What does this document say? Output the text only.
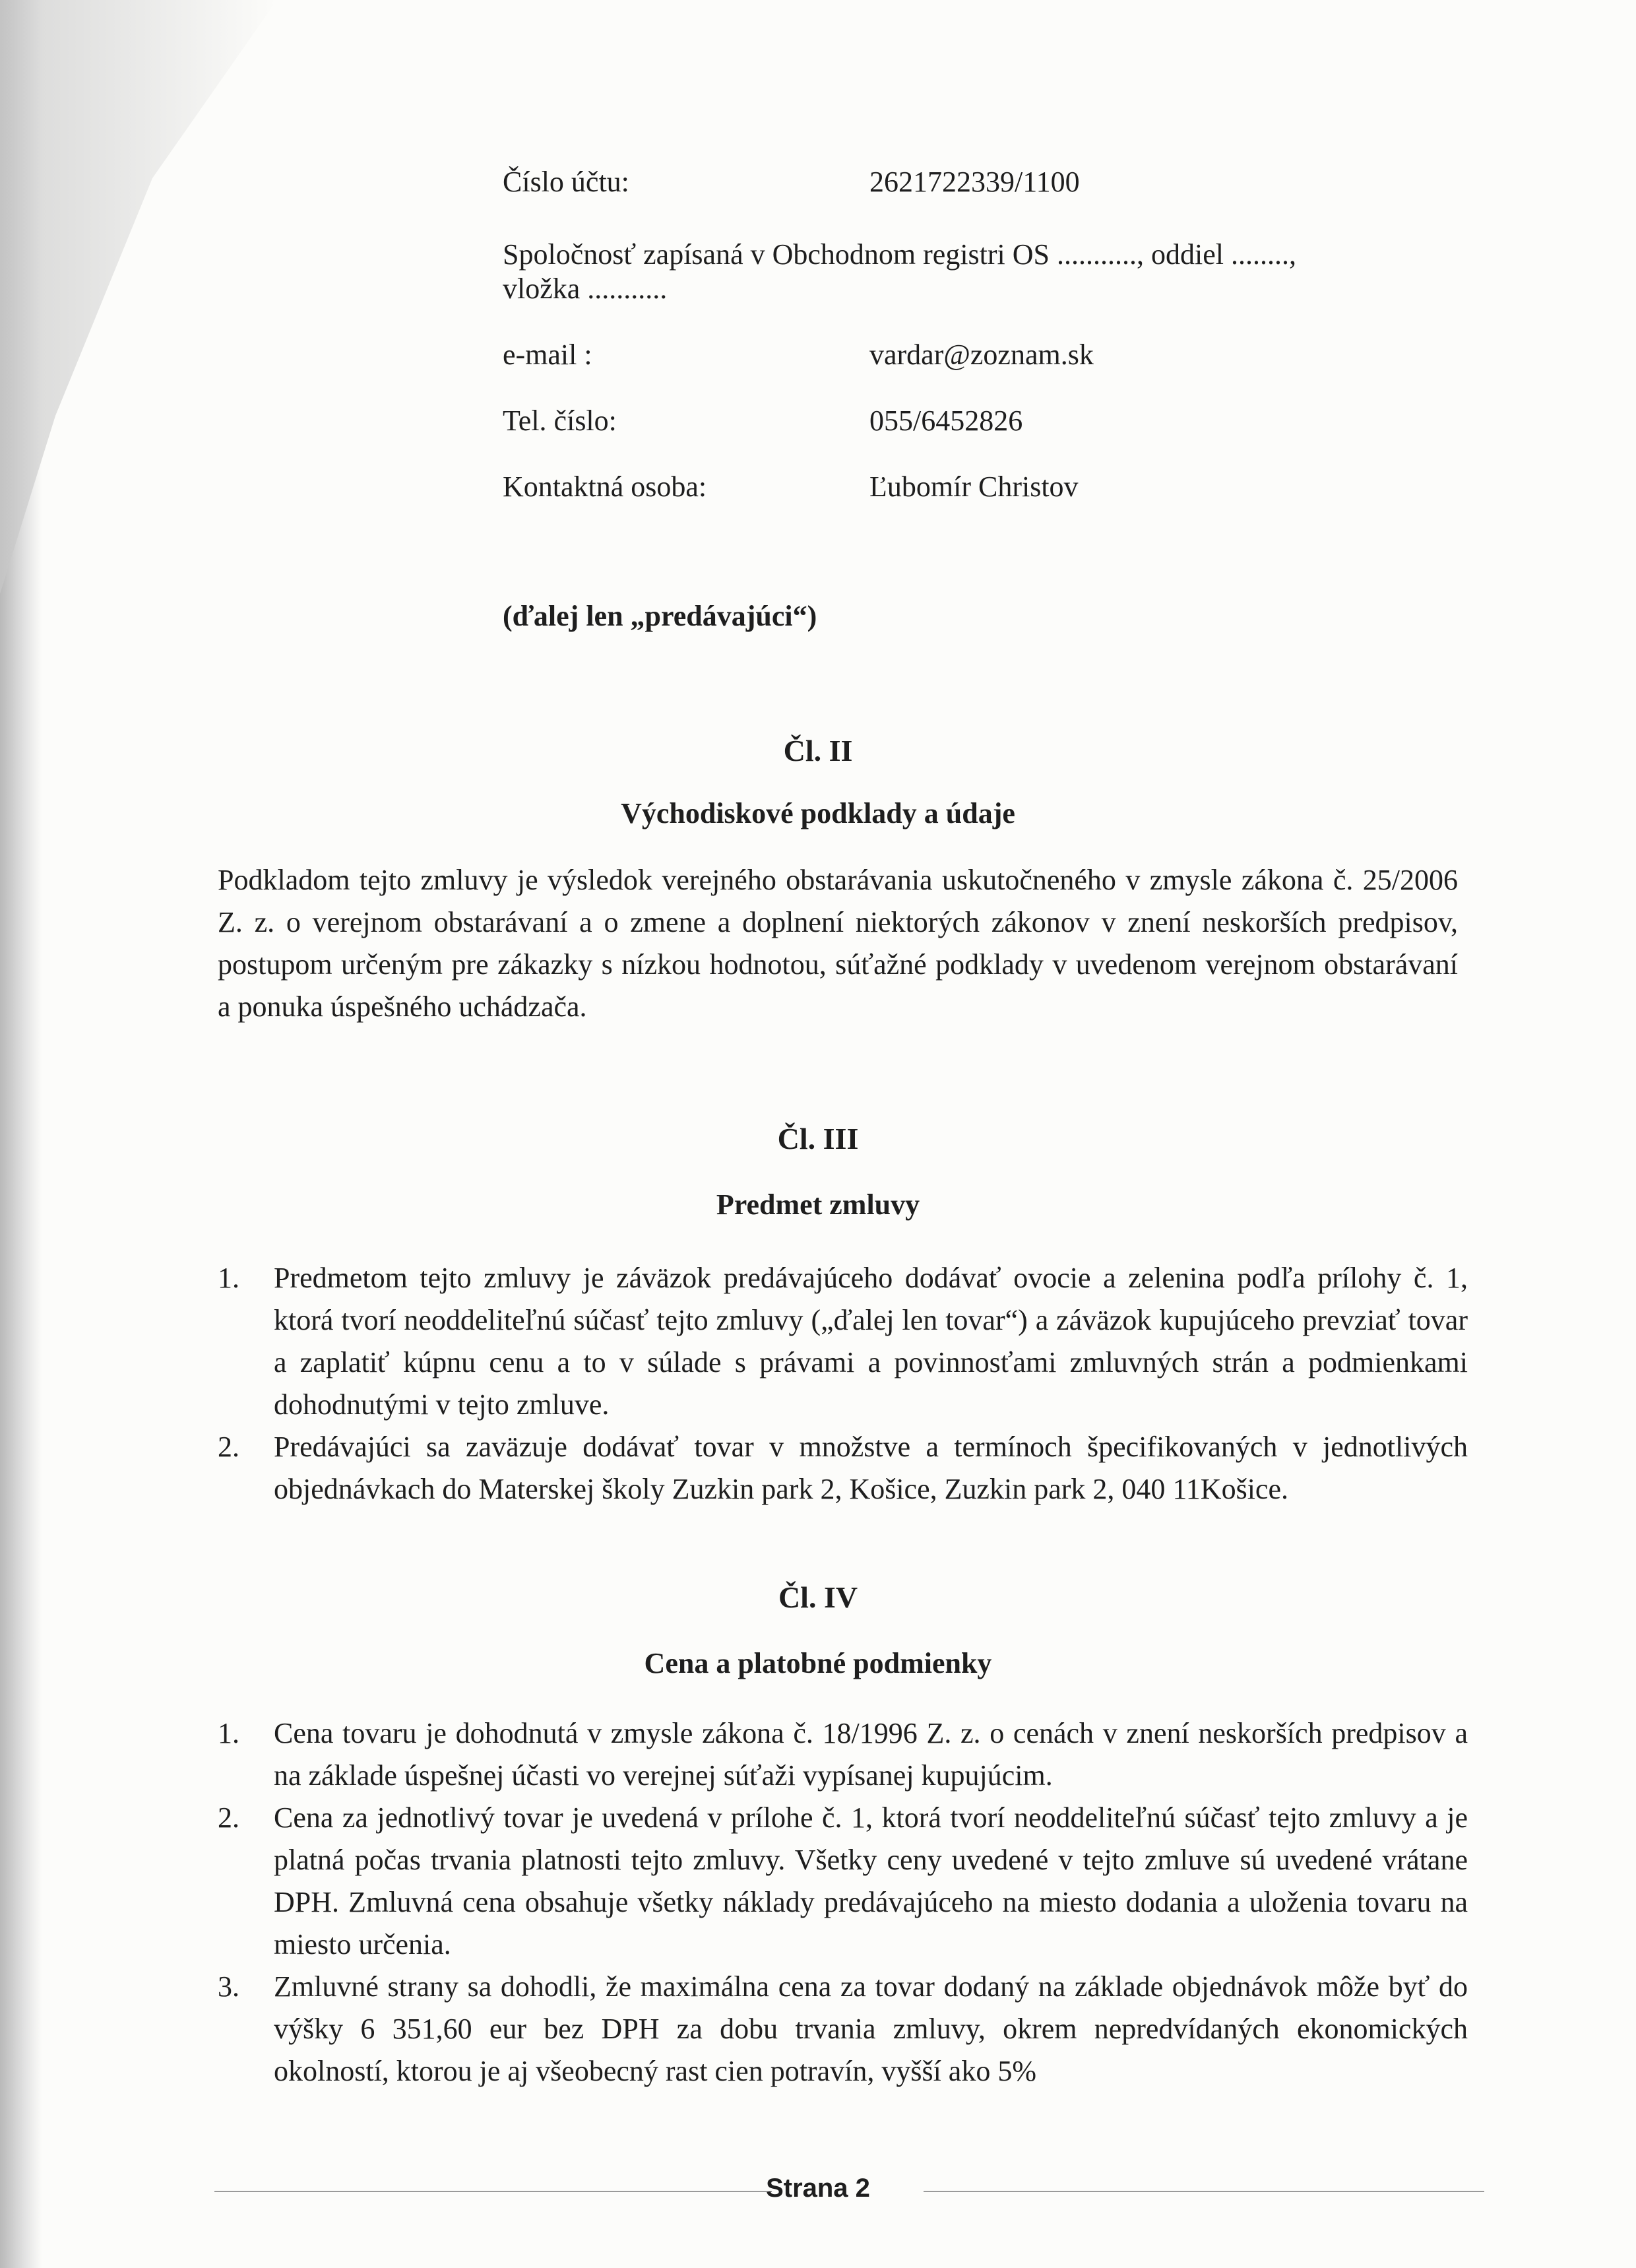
Číslo účtu:	2621722339/1100
Spoločnosť zapísaná v Obchodnom registri OS ..........., oddiel ........,
vložka ...........
e-mail :	vardar@zoznam.sk
Tel. číslo:	055/6452826
Kontaktná osoba:	Ľubomír Christov
(ďalej len „predávajúci“)
Čl. II
Východiskové podklady a údaje

Podkladom tejto zmluvy je výsledok verejného obstarávania uskutočneného v zmysle zákona č. 25/2006 Z. z. o verejnom obstarávaní a o zmene a doplnení niektorých zákonov v znení neskorších predpisov, postupom určeným pre zákazky s nízkou hodnotou, súťažné podklady v uvedenom verejnom obstarávaní a ponuka úspešného uchádzača.

Čl. III
Predmet zmluvy
1. Predmetom tejto zmluvy je záväzok predávajúceho dodávať ovocie a zelenina podľa prílohy č. 1, ktorá tvorí neoddeliteľnú súčasť tejto zmluvy („ďalej len tovar“) a záväzok kupujúceho prevziať tovar a zaplatiť kúpnu cenu a to v súlade s právami a povinnosťami zmluvných strán a podmienkami dohodnutými v tejto zmluve.
2. Predávajúci sa zaväzuje dodávať tovar v množstve a termínoch špecifikovaných v jednotlivých objednávkach do Materskej školy Zuzkin park 2, Košice, Zuzkin park 2, 040 11Košice.
Čl. IV
Cena a platobné podmienky
1. Cena tovaru je dohodnutá v zmysle zákona č. 18/1996 Z. z. o cenách v znení neskorších predpisov a na základe úspešnej účasti vo verejnej súťaži vypísanej kupujúcim.
2. Cena za jednotlivý tovar je uvedená v prílohe č. 1, ktorá tvorí neoddeliteľnú súčasť tejto zmluvy a je platná počas trvania platnosti tejto zmluvy. Všetky ceny uvedené v tejto zmluve sú uvedené vrátane DPH. Zmluvná cena obsahuje všetky náklady predávajúceho na miesto dodania a uloženia tovaru na miesto určenia.
3. Zmluvné strany sa dohodli, že maximálna cena za tovar dodaný na základe objednávok môže byť do výšky 6 351,60 eur bez DPH za dobu trvania zmluvy, okrem nepredvídaných ekonomických okolností, ktorou je aj všeobecný rast cien potravín, vyšší ako 5%
Strana 2
